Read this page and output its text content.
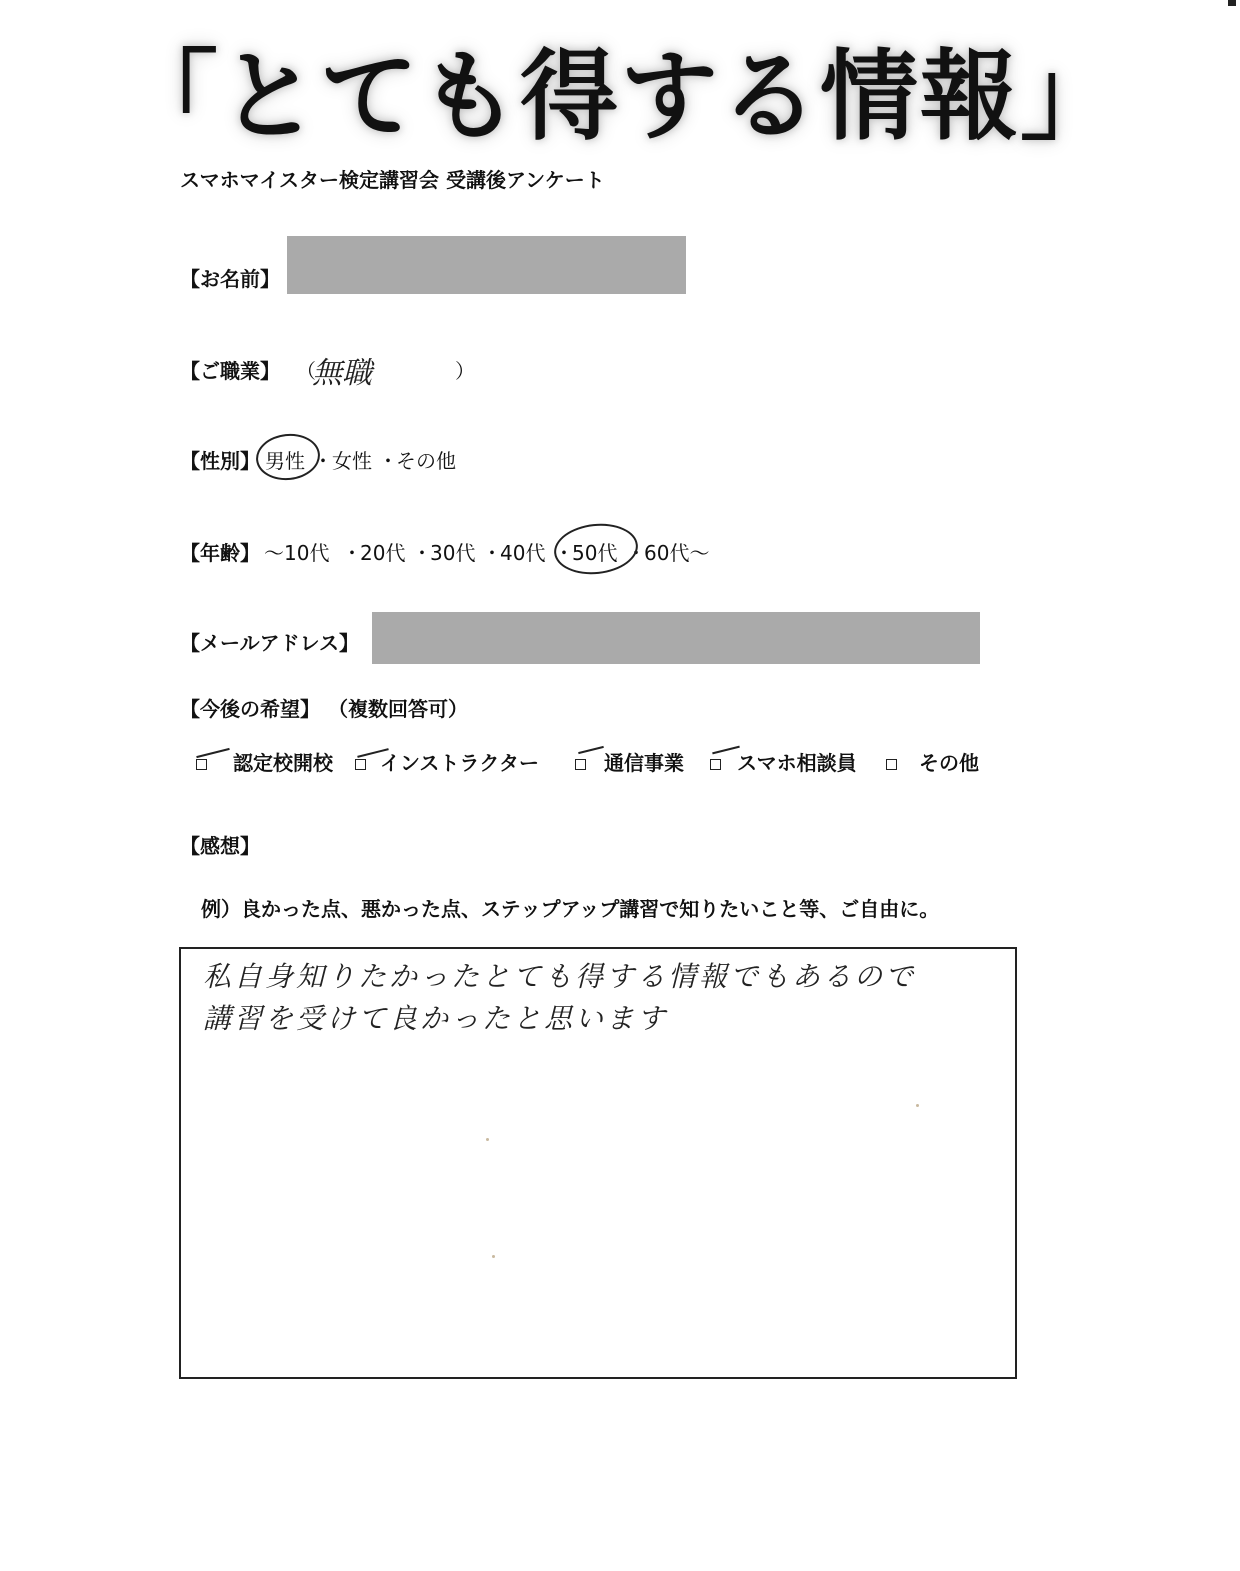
「とても得する情報」
スマホマイスター検定講習会 受講後アンケート
【お名前】
【ご職業】 （
無職	）
【性別】 男性 ・ 女性 ・
その他
【年齢】 〜10代 ・
20代 ・
30代 ・
40代 ・
50代 ・
60代〜
【メールアドレス】
【今後の希望】 （複数回答可）
認定校開校	インストラクター	通信事業	スマホ相談員	その他
【感想】
例）良かった点、悪かった点、ステップアップ講習で知りたいこと等、ご自由に。
私自身知りたかったとても得する情報でもあるので
講習を受けて良かったと思います
